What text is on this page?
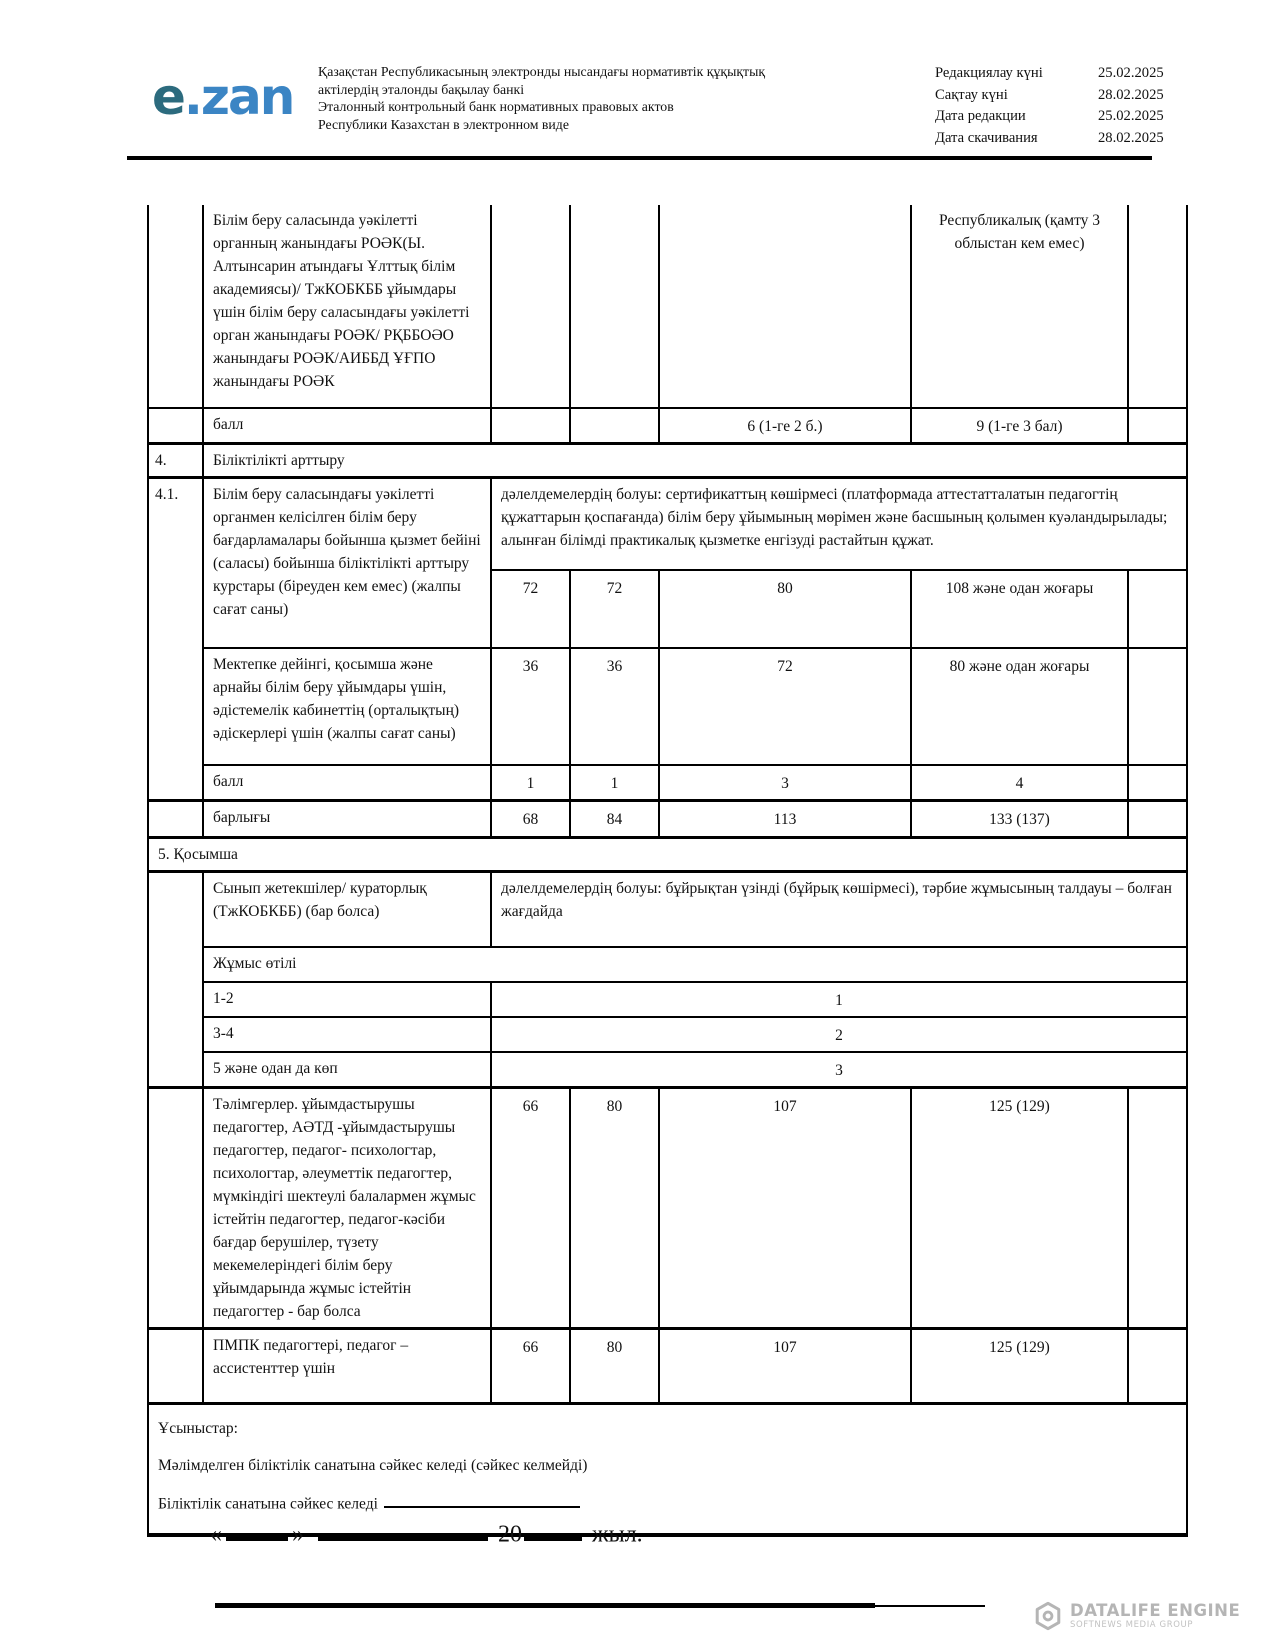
e.zan Қазақстан Республикасының электронды нысандағы нормативтік құқықтық
актілердің эталонды бақылау банкі
Эталонный контрольный банк нормативных правовых актов
Республики Казахстан в электронном виде
Редакциялау күні	25.02.2025
Сақтау күні	28.02.2025
Дата редакции	25.02.2025
Дата скачивания	28.02.2025
	Білім беру саласында уәкілетті органның жанындағы РОӘК(Ы. Алтынсарин атындағы Ұлттық білім академиясы)/ ТжКОБКББ ұйымдары үшін білім беру саласындағы уәкілетті орган жанындағы РОӘК/ РҚББОӘО жанындағы РОӘК/АИББД ҰҒПО жанындағы РОӘК				Республикалық (қамту 3 облыстан кем емес)	
	балл			6 (1-ге 2 б.)	9 (1-ге 3 бал)	
4.	Біліктілікті арттыру					
4.1.	Білім беру саласындағы уәкілетті органмен келісілген білім беру бағдарламалары бойынша қызмет бейіні (саласы) бойынша біліктілікті арттыру курстары (біреуден кем емес) (жалпы сағат саны)	дәлелдемелердің болуы: сертификаттың көшірмесі (платформада аттестатталатын педагогтің құжаттарын қоспағанда) білім беру ұйымының мөрімен және басшының қолымен куәландырылады; алынған білімді практикалық қызметке енгізуді растайтын құжат.				
		72	72	80	108 және одан жоғары	
	Мектепке дейінгі, қосымша және арнайы білім беру ұйымдары үшін, әдістемелік кабинеттің (орталықтың) әдіскерлері үшін (жалпы сағат саны)	36	36	72	80 және одан жоғары	
	балл	1	1	3	4	
	барлығы	68	84	113	133 (137)	
5. Қосымша						
	Сынып жетекшілер/ кураторлық (ТжКОБКББ) (бар болса)	дәлелдемелердің болуы: бұйрықтан үзінді (бұйрық көшірмесі), тәрбие жұмысының талдауы – болған жағдайда				
	Жұмыс өтілі					
	1-2	1				
	3-4	2				
	5 және одан да көп	3				
	Тәлімгерлер. ұйымдастырушы педагогтер, АӘТД -ұйымдастырушы педагогтер, педагог- психологтар, психологтар, әлеуметтік педагогтер, мүмкіндігі шектеулі балалармен жұмыс істейтін педагогтер, педагог-кәсіби бағдар берушілер, түзету мекемелеріндегі білім беру ұйымдарында жұмыс істейтін педагогтер - бар болса	66	80	107	125 (129)	
	ПМПК педагогтері, педагог – ассистенттер үшін	66	80	107	125 (129)	

Ұсыныстар:

Мәлімделген біліктілік санатына сәйкес келеді (сәйкес келмейді)

Біліктілік санатына сәйкес келеді						

«	»	20	жыл.
DATALIFE ENGINE
SOFTNEWS MEDIA GROUP
